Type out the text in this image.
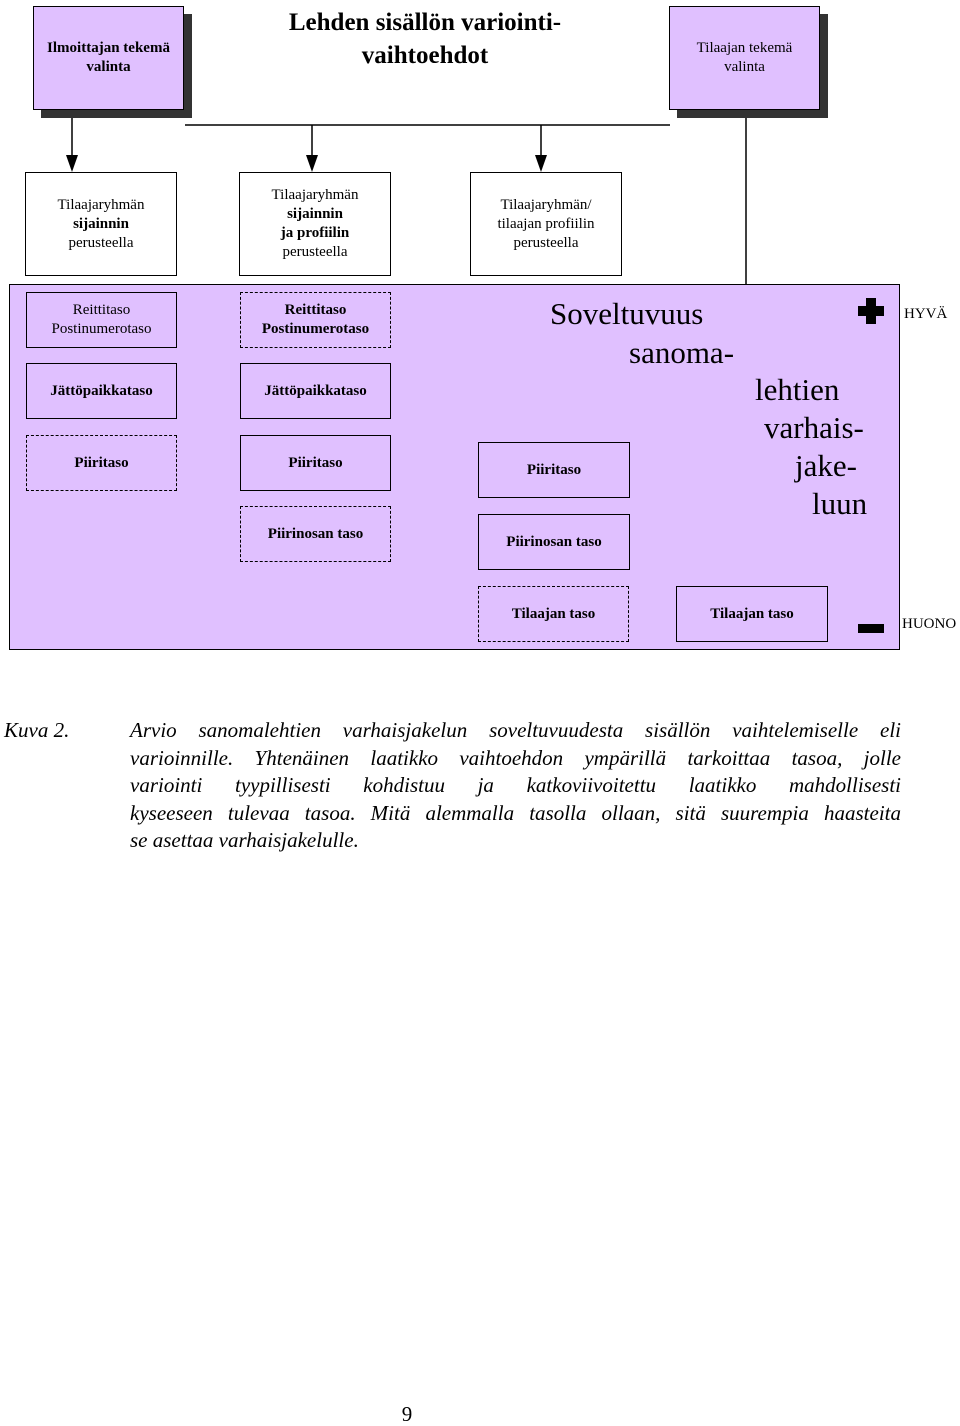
Ilmoittajan tekemä
valinta
Tilaajan tekemä
valinta
Lehden sisällön variointi-
vaihtoehdot
Tilaajaryhmän
sijainnin
perusteella
Tilaajaryhmän
sijainnin
ja profiilin
perusteella
Tilaajaryhmän/
tilaajan profiilin
perusteella
Reittitaso
Postinumerotaso
Jättöpaikkataso
Piiritaso
Reittitaso
Postinumerotaso
Jättöpaikkataso
Piiritaso
Piirinosan taso
Piiritaso
Piirinosan taso
Tilaajan taso	Tilaajan taso
Soveltuvuus
sanoma-
lehtien
varhais-
jake-
luun
HYVÄ
HUONO
Kuva 2.	Arvio sanomalehtien varhaisjakelun soveltuvuudesta sisällön vaihtelemiselle eli
varioinnille. Yhtenäinen laatikko vaihtoehdon ympärillä tarkoittaa tasoa, jolle
variointi tyypillisesti kohdistuu ja katkoviivoitettu laatikko mahdollisesti
kyseeseen tulevaa tasoa. Mitä alemmalla tasolla ollaan, sitä suurempia haasteita
se asettaa varhaisjakelulle.
9
